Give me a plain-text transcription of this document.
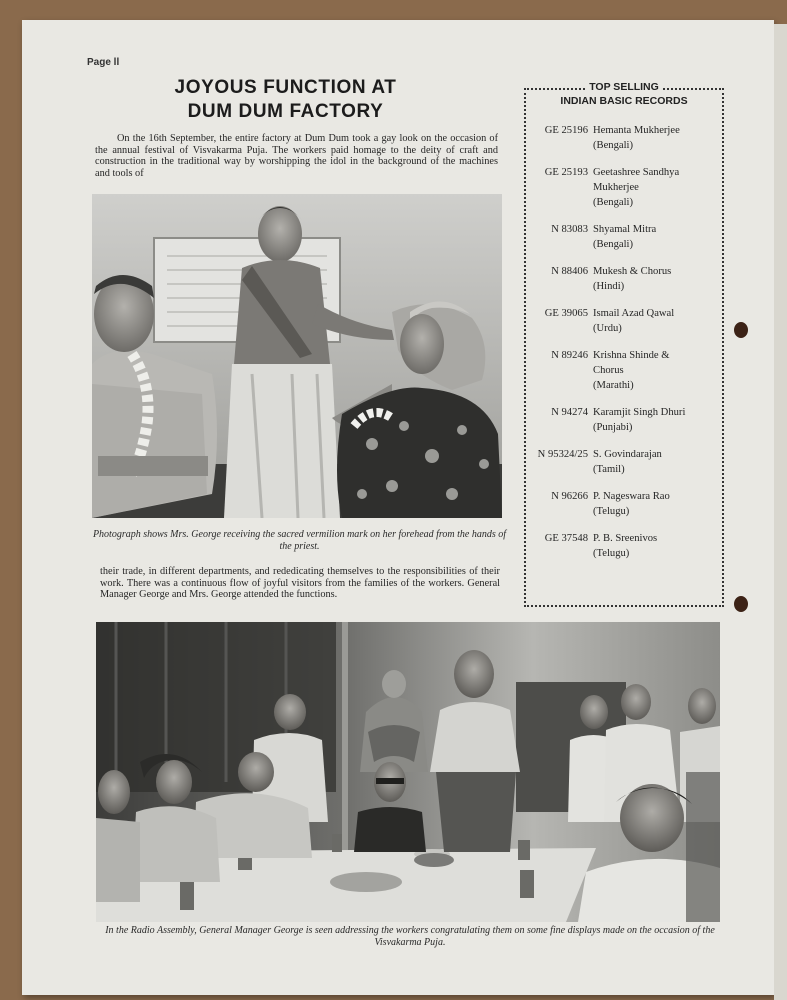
Page ll
JOYOUS FUNCTION AT
DUM DUM FACTORY
On the 16th September, the entire factory at Dum Dum took a gay look on the occasion of the annual festival of Visvakarma Puja. The workers paid homage to the deity of craft and construction in the traditional way by worshipping the idol in the background of the machines and tools of
Photograph shows Mrs. George receiving the sacred vermilion mark on her forehead from the hands of the priest.
their trade, in different departments, and rededicating themselves to the responsibilities of their work. There was a continuous flow of joyful visitors from the families of the workers. General Manager George and Mrs. George attended the functions.
In the Radio Assembly, General Manager George is seen addressing the workers congratulating them on some fine displays made on the occasion of the Visvakarma Puja.
TOP SELLING
INDIAN BASIC RECORDS
GE 25196 Hemanta Mukherjee
(Bengali)
GE 25193 Geetashree Sandhya
Mukherjee
(Bengali)
N 83083 Shyamal Mitra
(Bengali)
N 88406 Mukesh & Chorus
(Hindi)
GE 39065 Ismail Azad Qawal
(Urdu)
N 89246 Krishna Shinde &
Chorus
(Marathi)
N 94274 Karamjit Singh Dhuri
(Punjabi)
N 95324/25 S. Govindarajan
(Tamil)
N 96266 P. Nageswara Rao
(Telugu)
GE 37548 P. B. Sreenivos
(Telugu)
